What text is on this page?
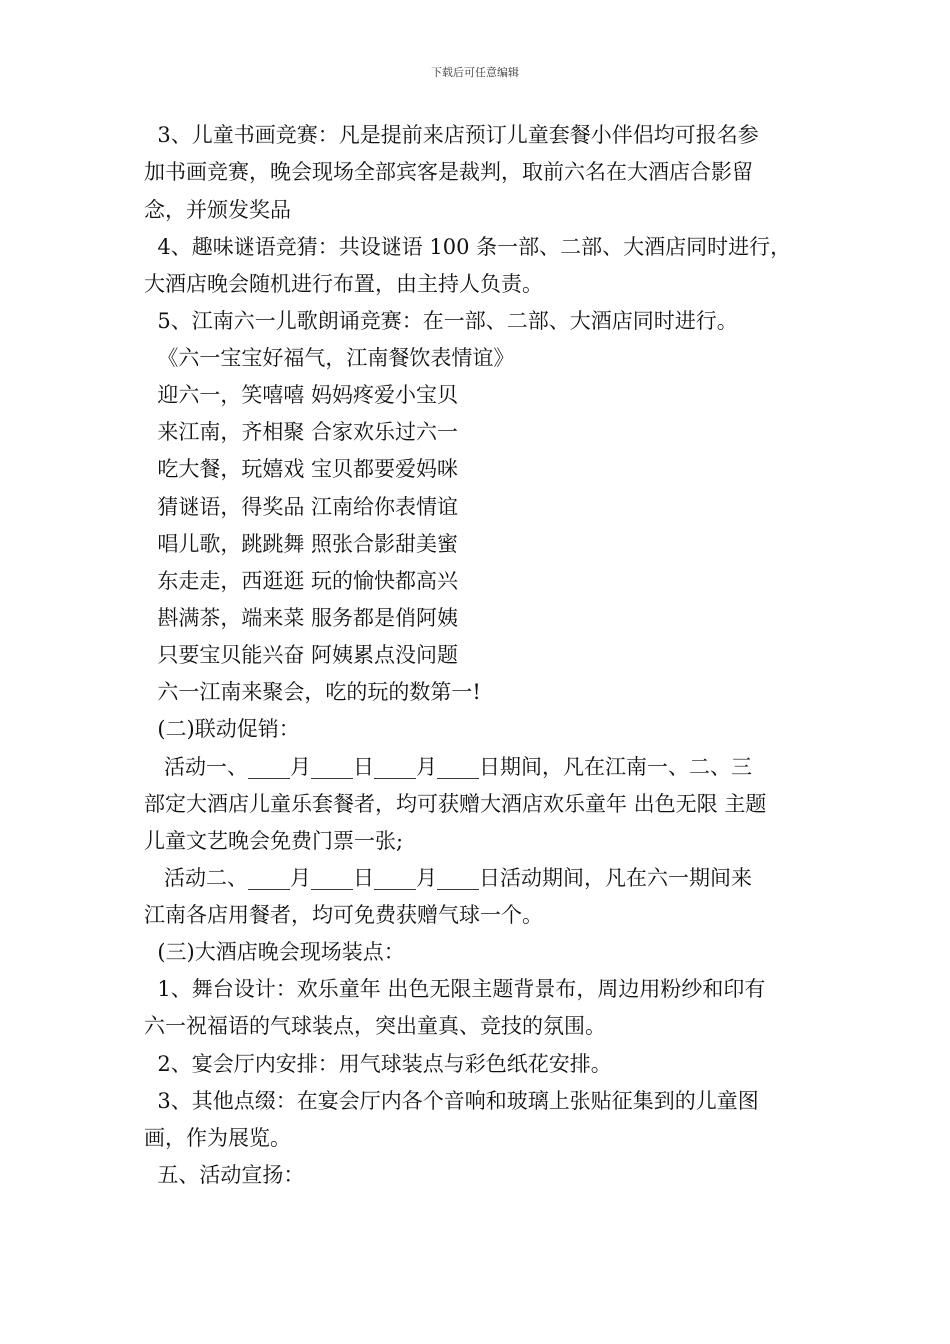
下载后可任意编辑
3、儿童书画竞赛：凡是提前来店预订儿童套餐小伴侣均可报名参
加书画竞赛，晚会现场全部宾客是裁判，取前六名在大酒店合影留
念，并颁发奖品
4、趣味谜语竞猜：共设谜语 100 条一部、二部、大酒店同时进行，
大酒店晚会随机进行布置，由主持人负责。
5、江南六一儿歌朗诵竞赛：在一部、二部、大酒店同时进行。
《六一宝宝好福气，江南餐饮表情谊》
迎六一，笑嘻嘻 妈妈疼爱小宝贝
来江南，齐相聚 合家欢乐过六一
吃大餐，玩嬉戏 宝贝都要爱妈咪
猜谜语，得奖品 江南给你表情谊
唱儿歌，跳跳舞 照张合影甜美蜜
东走走，西逛逛 玩的愉快都高兴
斟满茶，端来菜 服务都是俏阿姨
只要宝贝能兴奋 阿姨累点没问题
六一江南来聚会，吃的玩的数第一!
(二)联动促销：
活动一、____月____日____月____日期间，凡在江南一、二、三
部定大酒店儿童乐套餐者，均可获赠大酒店欢乐童年 出色无限 主题
儿童文艺晚会免费门票一张;
活动二、____月____日____月____日活动期间，凡在六一期间来
江南各店用餐者，均可免费获赠气球一个。
(三)大酒店晚会现场装点：
1、舞台设计：欢乐童年 出色无限主题背景布，周边用粉纱和印有
六一祝福语的气球装点，突出童真、竞技的氛围。
2、宴会厅内安排：用气球装点与彩色纸花安排。
3、其他点缀：在宴会厅内各个音响和玻璃上张贴征集到的儿童图
画，作为展览。
五、活动宣扬：
